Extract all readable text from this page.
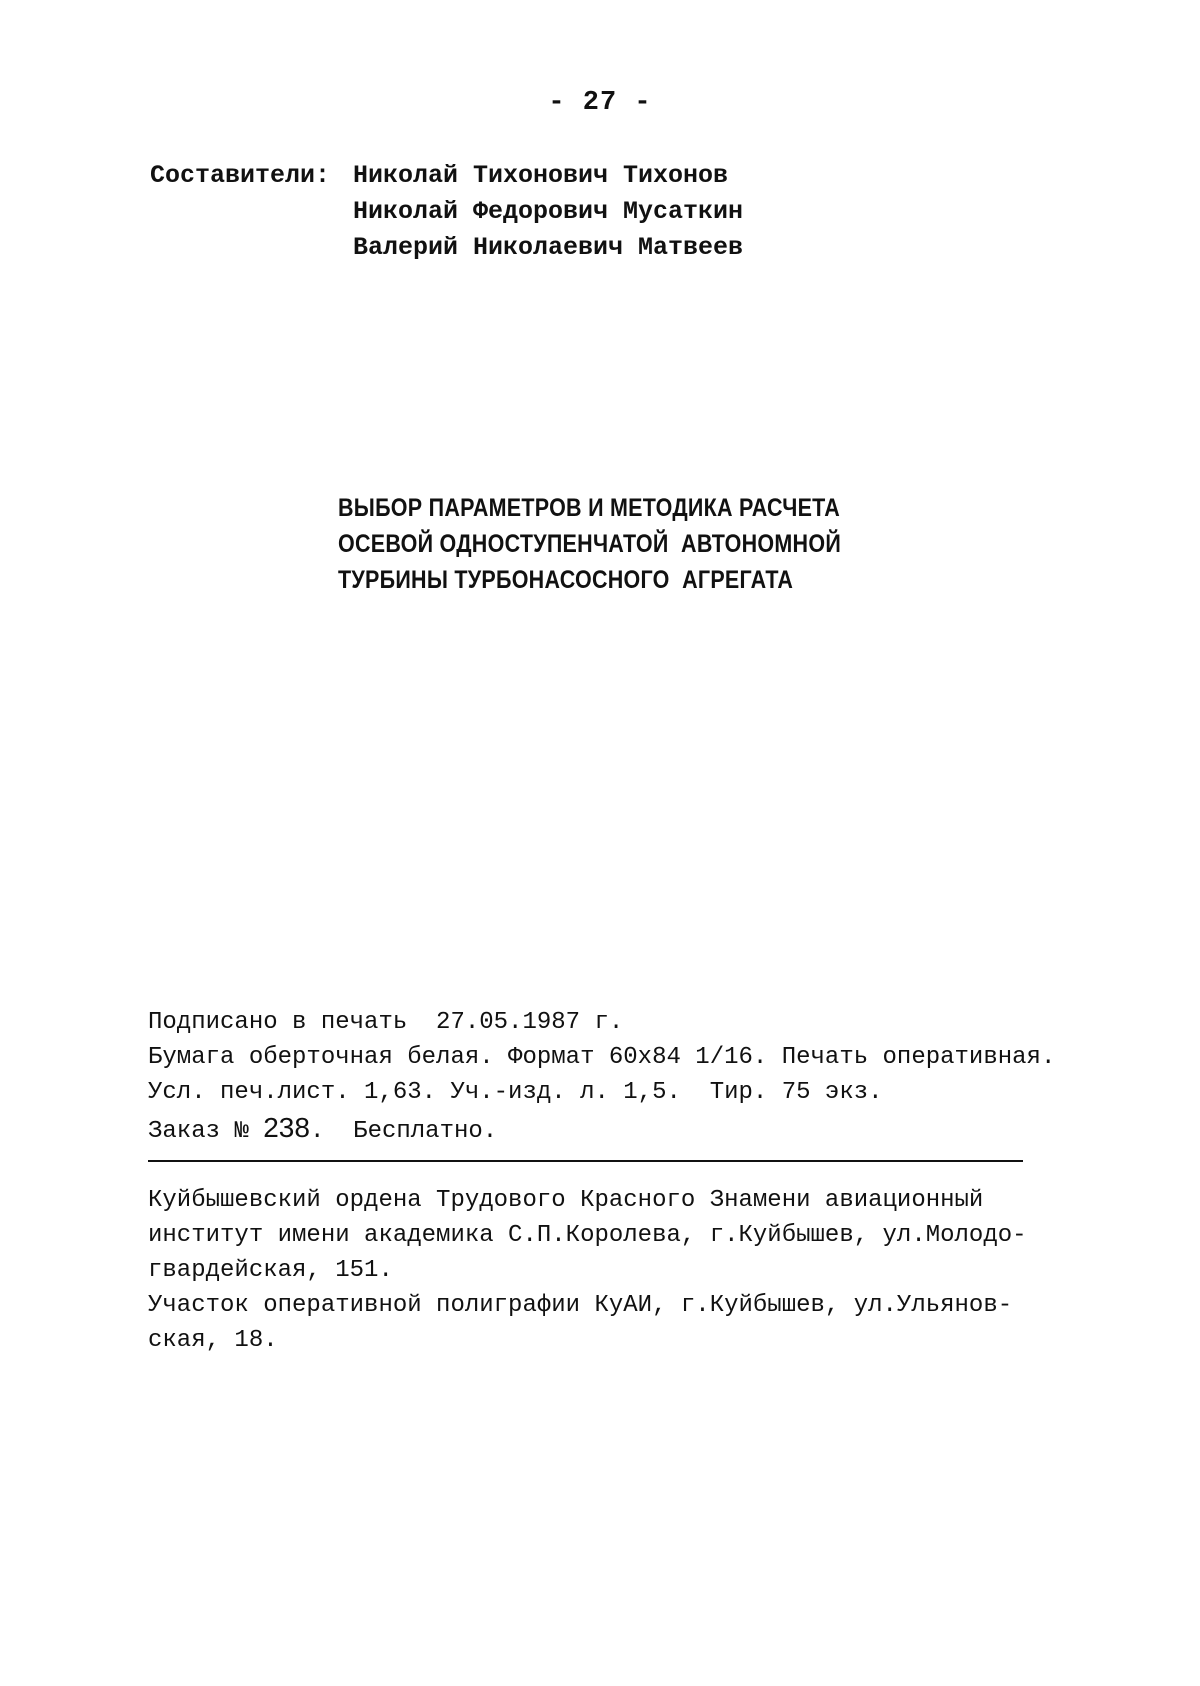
- 27 -
Составители: Николай Тихонович Тихонов
Николай Федорович Мусаткин
Валерий Николаевич Матвеев
ВЫБОР ПАРАМЕТРОВ И МЕТОДИКА РАСЧЕТА
ОСЕВОЙ ОДНОСТУПЕНЧАТОЙ  АВТОНОМНОЙ
ТУРБИНЫ ТУРБОНАСОСНОГО  АГРЕГАТА
Подписано в печать  27.05.1987 г.
Бумага оберточная белая. Формат 60х84 1/16. Печать оперативная.
Усл. печ.лист. 1,63. Уч.-изд. л. 1,5.  Тир. 75 экз.
Заказ № 238.  Бесплатно.
Куйбышевский ордена Трудового Красного Знамени авиационный
институт имени академика С.П.Королева, г.Куйбышев, ул.Молодо-
гвардейская, 151.
Участок оперативной полиграфии КуАИ, г.Куйбышев, ул.Ульянов-
ская, 18.
